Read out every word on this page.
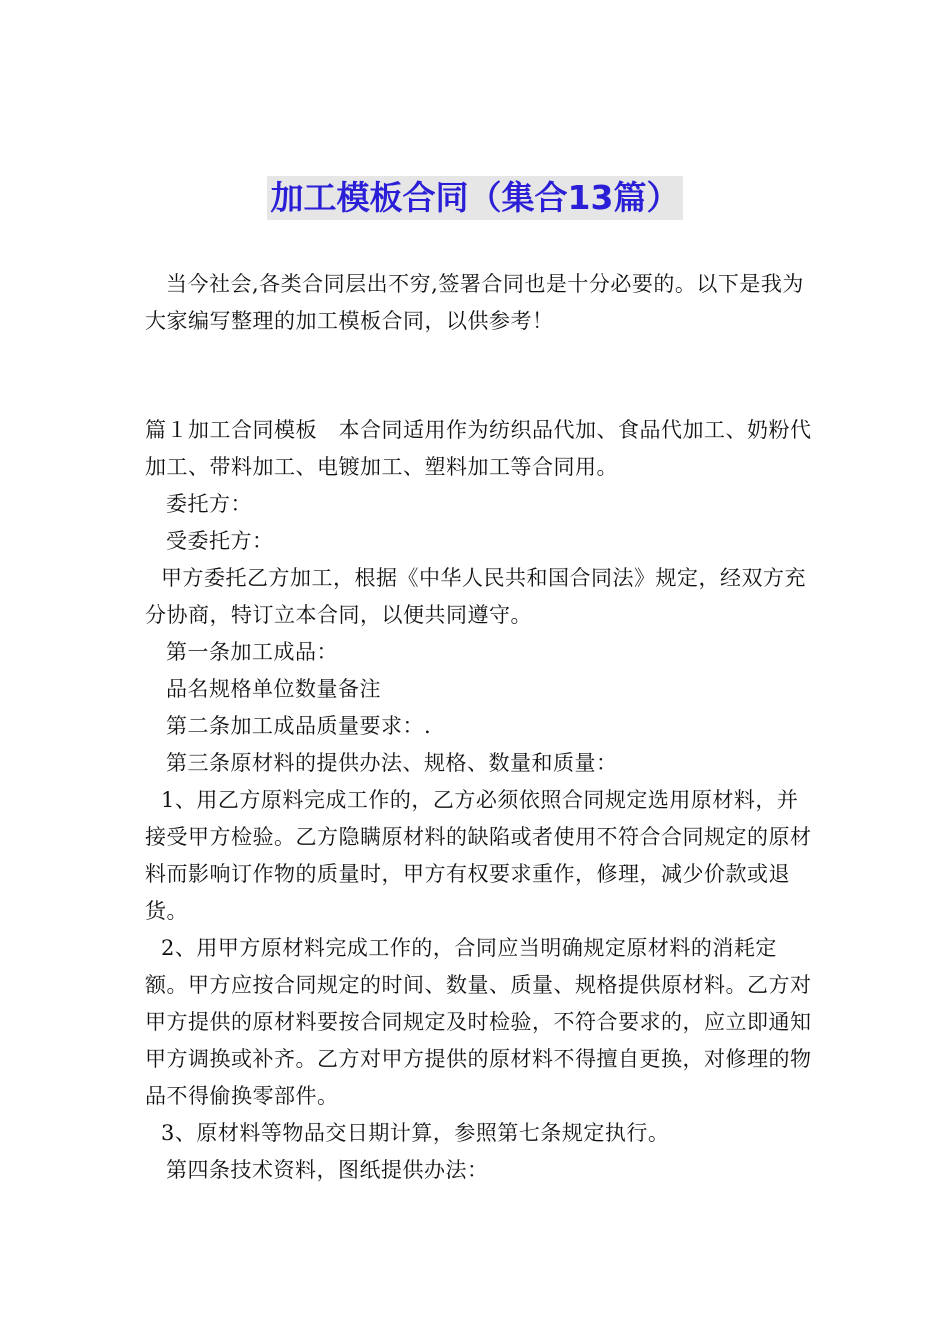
加工模板合同（集合13篇）

当今社会,各类合同层出不穷,签署合同也是十分必要的。以下是我为大家编写整理的加工模板合同，以供参考！

篇１加工合同模板　本合同适用作为纺织品代加、食品代加工、奶粉代加工、带料加工、电镀加工、塑料加工等合同用。

委托方：

受委托方：

甲方委托乙方加工，根据《中华人民共和国合同法》规定，经双方充分协商，特订立本合同，以便共同遵守。

第一条加工成品：

品名规格单位数量备注

第二条加工成品质量要求：.

第三条原材料的提供办法、规格、数量和质量：

1、用乙方原料完成工作的，乙方必须依照合同规定选用原材料，并接受甲方检验。乙方隐瞒原材料的缺陷或者使用不符合合同规定的原材料而影响订作物的质量时，甲方有权要求重作，修理，减少价款或退货。

2、用甲方原材料完成工作的，合同应当明确规定原材料的消耗定额。甲方应按合同规定的时间、数量、质量、规格提供原材料。乙方对甲方提供的原材料要按合同规定及时检验，不符合要求的，应立即通知甲方调换或补齐。乙方对甲方提供的原材料不得擅自更换，对修理的物品不得偷换零部件。

3、原材料等物品交日期计算，参照第七条规定执行。

第四条技术资料，图纸提供办法：
